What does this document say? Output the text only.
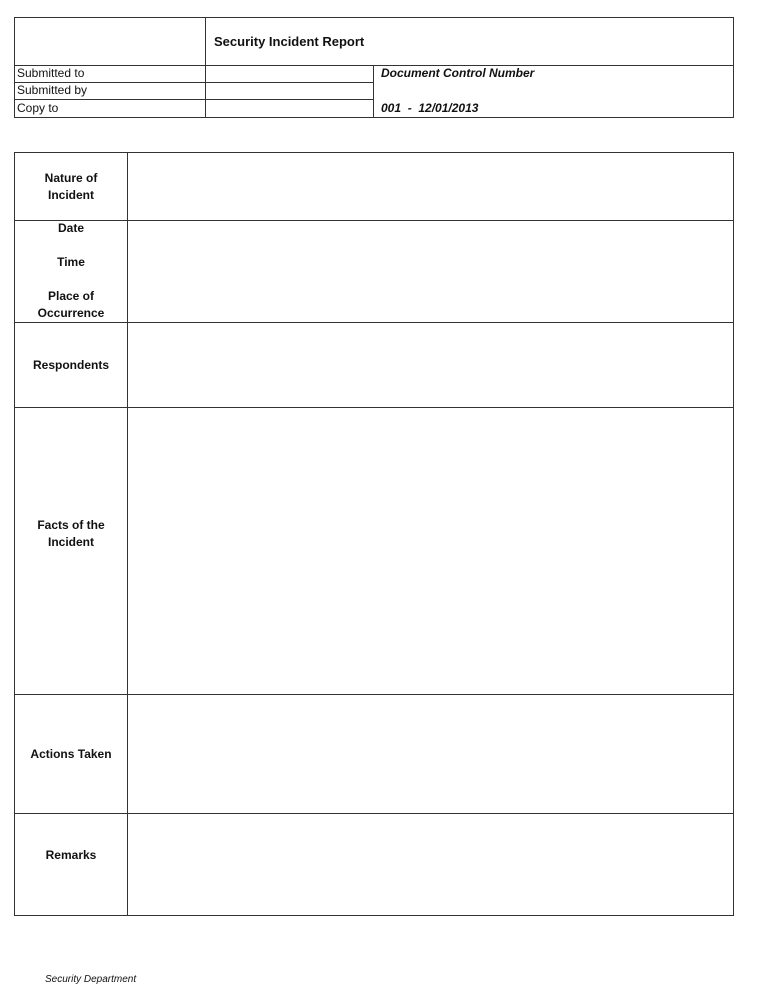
Security Incident Report
Submitted to
Submitted by
Copy to
Document Control Number
001  -  12/01/2013
Nature of
Incident
Date
Time
Place of
Occurrence
Respondents
Facts of the
Incident
Actions Taken
Remarks
Security Department
